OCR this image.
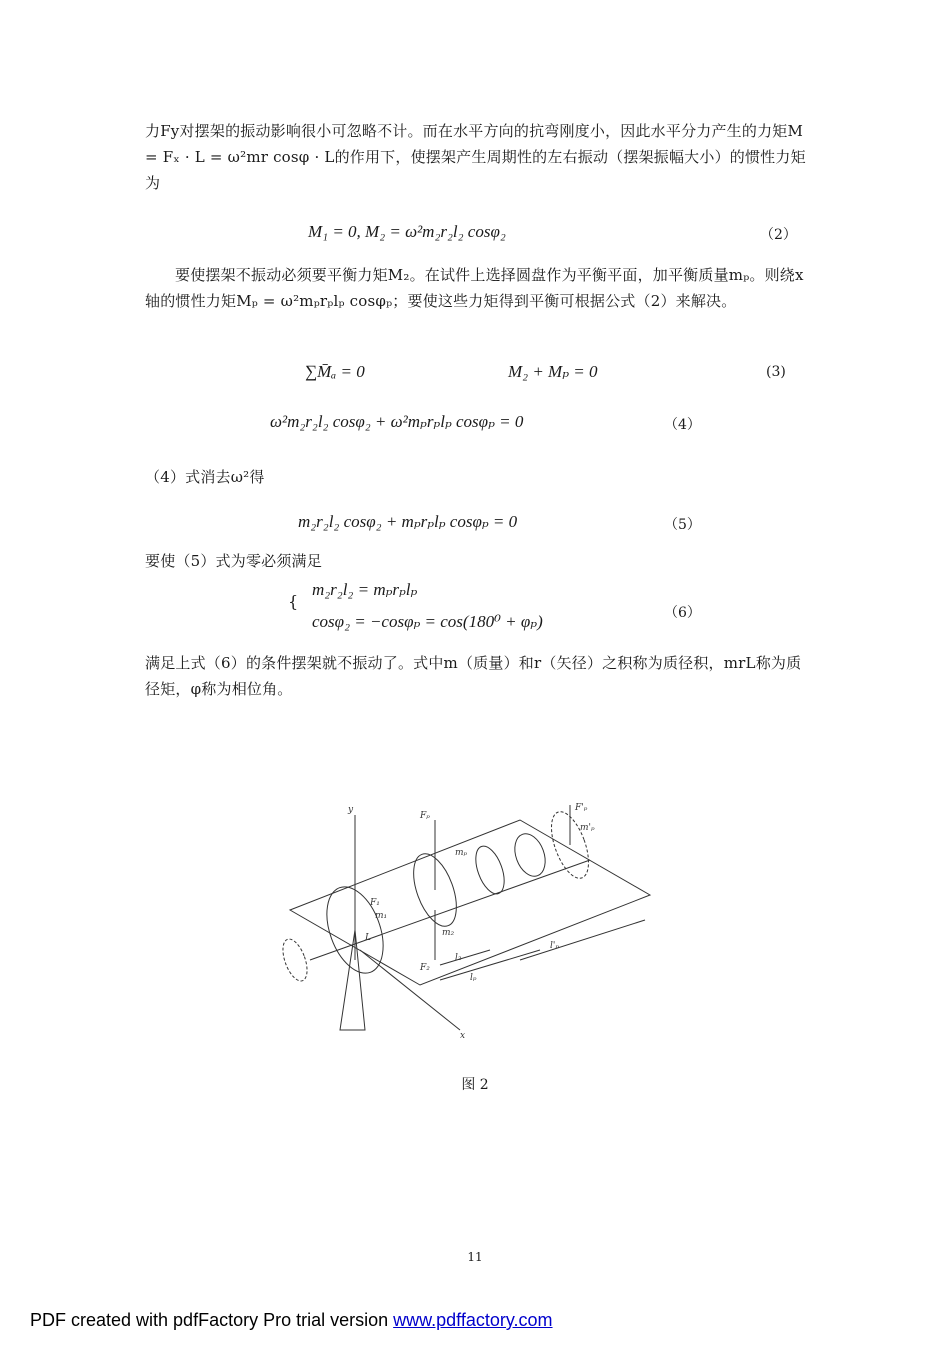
力Fy对摆架的振动影响很小可忽略不计。而在水平方向的抗弯刚度小，因此水平分力产生的力矩M = Fₓ · L = ω²mr cosφ · L的作用下，使摆架产生周期性的左右振动（摆架振幅大小）的惯性力矩为
M₁ = 0, M₂ = ω²m₂r₂l₂ cosφ₂	（2）
要使摆架不振动必须要平衡力矩M₂。在试件上选择圆盘作为平衡平面，加平衡质量mₚ。则绕x轴的惯性力矩Mₚ = ω²mₚrₚlₚ cosφₚ；要使这些力矩得到平衡可根据公式（2）来解决。
∑M̄ₐ = 0	M₂ + Mₚ = 0	(3)
ω²m₂r₂l₂ cosφ₂ + ω²mₚrₚlₚ cosφₚ = 0	（4）
（4）式消去ω²得
m₂r₂l₂ cosφ₂ + mₚrₚlₚ cosφₚ = 0	（5）
要使（5）式为零必须满足
{
m₂r₂l₂ = mₚrₚlₚ
cosφ₂ = −cosφₚ = cos(180⁰ + φₚ)	（6）
满足上式（6）的条件摆架就不振动了。式中m（质量）和r（矢径）之积称为质径积，mrL称为质径矩，φ称为相位角。
y
x
Fₚ
F'ₚ
F₁
F₂
m₁
m₂
mₚ
m'ₚ
l₂
lₚ
l'ₚ
L
图 2
11
PDF created with pdfFactory Pro trial version www.pdffactory.com
